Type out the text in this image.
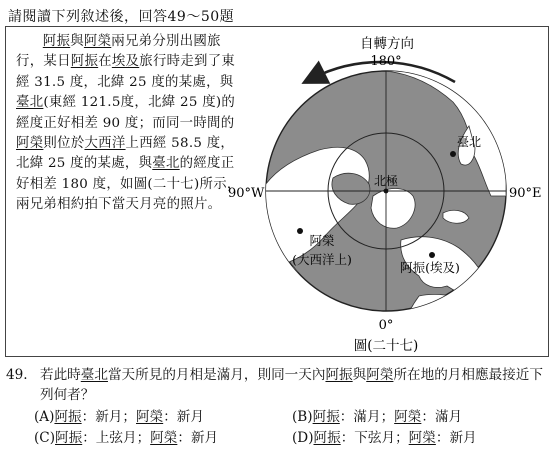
請閱讀下列敘述後，回答49～50題

阿振與阿榮兩兄弟分別出國旅行，某日阿振在埃及旅行時走到了東經 31.5 度，北緯 25 度的某處，與臺北(東經 121.5度，北緯 25 度)的經度正好相差 90 度；而同一時間的阿榮則位於大西洋上西經 58.5 度，北緯 25 度的某處，與臺北的經度正好相差 180 度，如圖(二十七)所示，兩兄弟相約拍下當天月亮的照片。

自轉方向
北極
臺北
阿榮
(大西洋上)
阿振(埃及)
180°
90°W	90°E
0°
圖(二十七)
49. 若此時臺北當天所見的月相是滿月，則同一天內阿振與阿榮所在地的月相應最接近下列何者？
(A)阿振：新月；阿榮：新月	(B)阿振：滿月；阿榮：滿月
(C)阿振：上弦月；阿榮：新月	(D)阿振：下弦月；阿榮：新月
